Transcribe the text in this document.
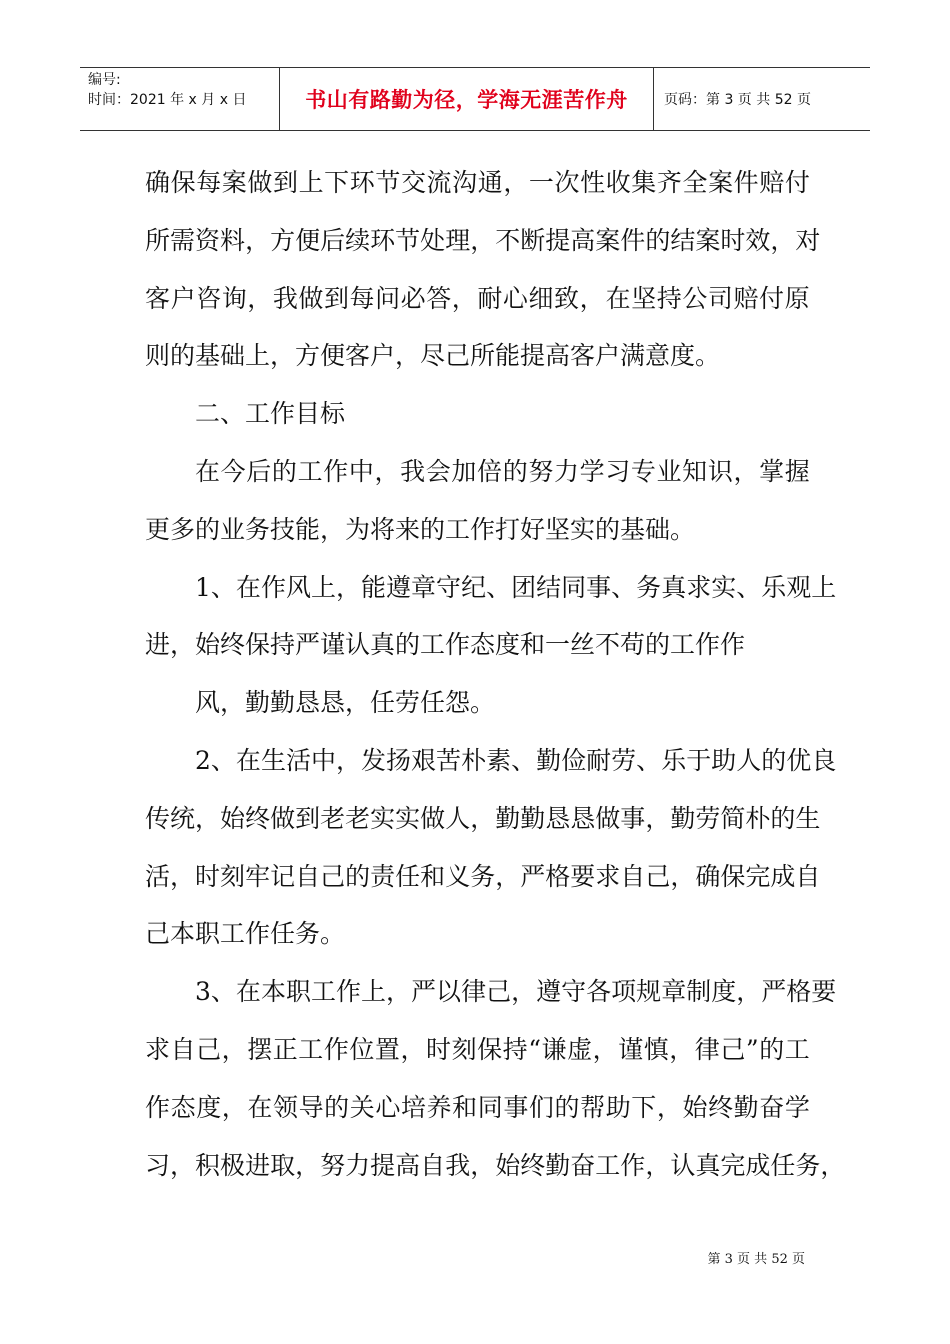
编号:
时间：2021 年 x 月 x 日	书山有路勤为径，学海无涯苦作舟	页码：第 3 页 共 52 页
确 保 每 案 做 到 上 下 环 节 交 流 沟 通 ， 一 次 性 收 集 齐 全 案 件 赔 付
所 需 资 料 ， 方 便 后 续 环 节 处 理 ， 不 断 提 高 案 件 的 结 案 时 效 ， 对
客 户 咨 询 ， 我 做 到 每 问 必 答 ， 耐 心 细 致 ， 在 坚 持 公 司 赔 付 原
则的基础上，方便客户，尽己所能提高客户满意度。
二、工作目标
在 今 后 的 工 作 中 ， 我 会 加 倍 的 努 力 学 习 专 业 知 识 ， 掌 握
更多的业务技能，为将来的工作打好坚实的基础。
1 、 在 作 风 上 ， 能 遵 章 守 纪 、 团 结 同 事 、 务 真 求 实 、 乐 观 上
进，始终保持严谨认真的工作态度和一丝不苟的工作作
风，勤勤恳恳，任劳任怨。
2 、 在 生 活 中 ， 发 扬 艰 苦 朴 素 、 勤 俭 耐 劳 、 乐 于 助 人 的 优 良
传 统 ， 始 终 做 到 老 老 实 实 做 人 ， 勤 勤 恳 恳 做 事 ， 勤 劳 简 朴 的 生
活 ， 时 刻 牢 记 自 己 的 责 任 和 义 务 ， 严 格 要 求 自 己 ， 确 保 完 成 自
己本职工作任务。
3 、 在 本 职 工 作 上 ， 严 以 律 己 ， 遵 守 各 项 规 章 制 度 ， 严 格 要
求 自 己 ， 摆 正 工 作 位 置 ， 时 刻 保 持 “ 谦 虚 ， 谨 慎 ， 律 己 ” 的 工
作 态 度 ， 在 领 导 的 关 心 培 养 和 同 事 们 的 帮 助 下 ， 始 终 勤 奋 学
习 ， 积 极 进 取 ， 努 力 提 高 自 我 ， 始 终 勤 奋 工 作 ， 认 真 完 成 任 务 ，
第 3 页 共 52 页
